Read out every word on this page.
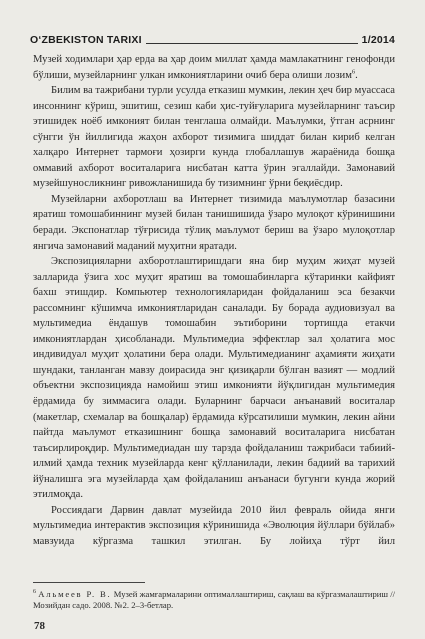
O‘ZBEKISTON TARIXI	1/2014

Музей ходимлари ҳар ерда ва ҳар доим миллат ҳамда мамлакатнинг генофонди бўлиши, музейларнинг улкан имкониятларини очиб бера олиши лозим$^6$.

Билим ва тажрибани турли усулда етказиш мумкин, лекин ҳеч бир муассаса инсоннинг кўриш, эшитиш, сезиш каби ҳис-туйғуларига музейларнинг таъсир этишидек ноёб имконият билан тенглаша олмайди. Маълумки, ўтган асрнинг сўнгги ўн йиллигида жаҳон ахборот тизимига шиддат билан кириб келган халқаро Интернет тармоғи ҳозирги кунда глобаллашув жараёнида бошқа оммавий ахборот воситаларига нисбатан катта ўрин эгаллайди. Замонавий музейшуносликнинг ривожланишида бу тизимнинг ўрни беқиёсдир.

Музейларни ахборотлаш ва Интернет тизимида маълумотлар базасини яратиш томошабиннинг музей билан танишишида ўзаро мулоқот кўринишини беради. Экспонатлар тўғрисида тўлиқ маълумот бериш ва ўзаро мулоқотлар янгича замонавий маданий муҳитни яратади.

Экспозицияларни ахборотлаштиришдаги яна бир муҳим жиҳат музей залларида ўзига хос муҳит яратиш ва томошабинларга кўтаринки кайфият бахш этишдир. Компьютер технологияларидан фойдаланиш эса безакчи рассомнинг кўшимча имкониятларидан саналади. Бу борада аудиовизуал ва мультимедиа ёндашув томошабин эътиборини тортишда етакчи имкониятлардан ҳисобланади. Мультимедиа эффектлар зал ҳолатига мос индивидуал муҳит ҳолатини бера олади. Мультимедианинг аҳамияти жиҳати шундаки, танланган мавзу доирасида энг қизиқарли бўлган вазият — модлий объектни экспозицияда намойиш этиш имконияти йўқлигидан мультимедия ёрдамида бу зиммасига олади. Буларнинг барчаси анъанавий воситалар (макетлар, схемалар ва бошқалар) ёрдамида кўрсатилиши мумкин, лекин айни пайтда маълумот етказишнинг бошқа замонавий воситаларига нисбатан таъсирлироқдир. Мультимедиадан шу тарзда фойдаланиш тажрибаси табиий-илмий ҳамда техник музейларда кенг қўлланилади, лекин бадиий ва тарихий йўналишга эга музейларда ҳам фойдаланиш анъанаси бугунги кунда жорий этилмоқда.

Россиядаги Дарвин давлат музейида 2010 йил февраль ойида янги мультимедиа интерактив экспозиция кўринишида «Эволюция йўллари бўйлаб» мавзуида кўргазма ташкил этилган. Бу лойиҳа тўрт йил

$^6$ Альмеев Р. В. Музей жамғармаларини оптималлаштириш, сақлаш ва кўргазмалаштириш // Мозийдан садо. 2008. №2. 2–3-бетлар.
78
